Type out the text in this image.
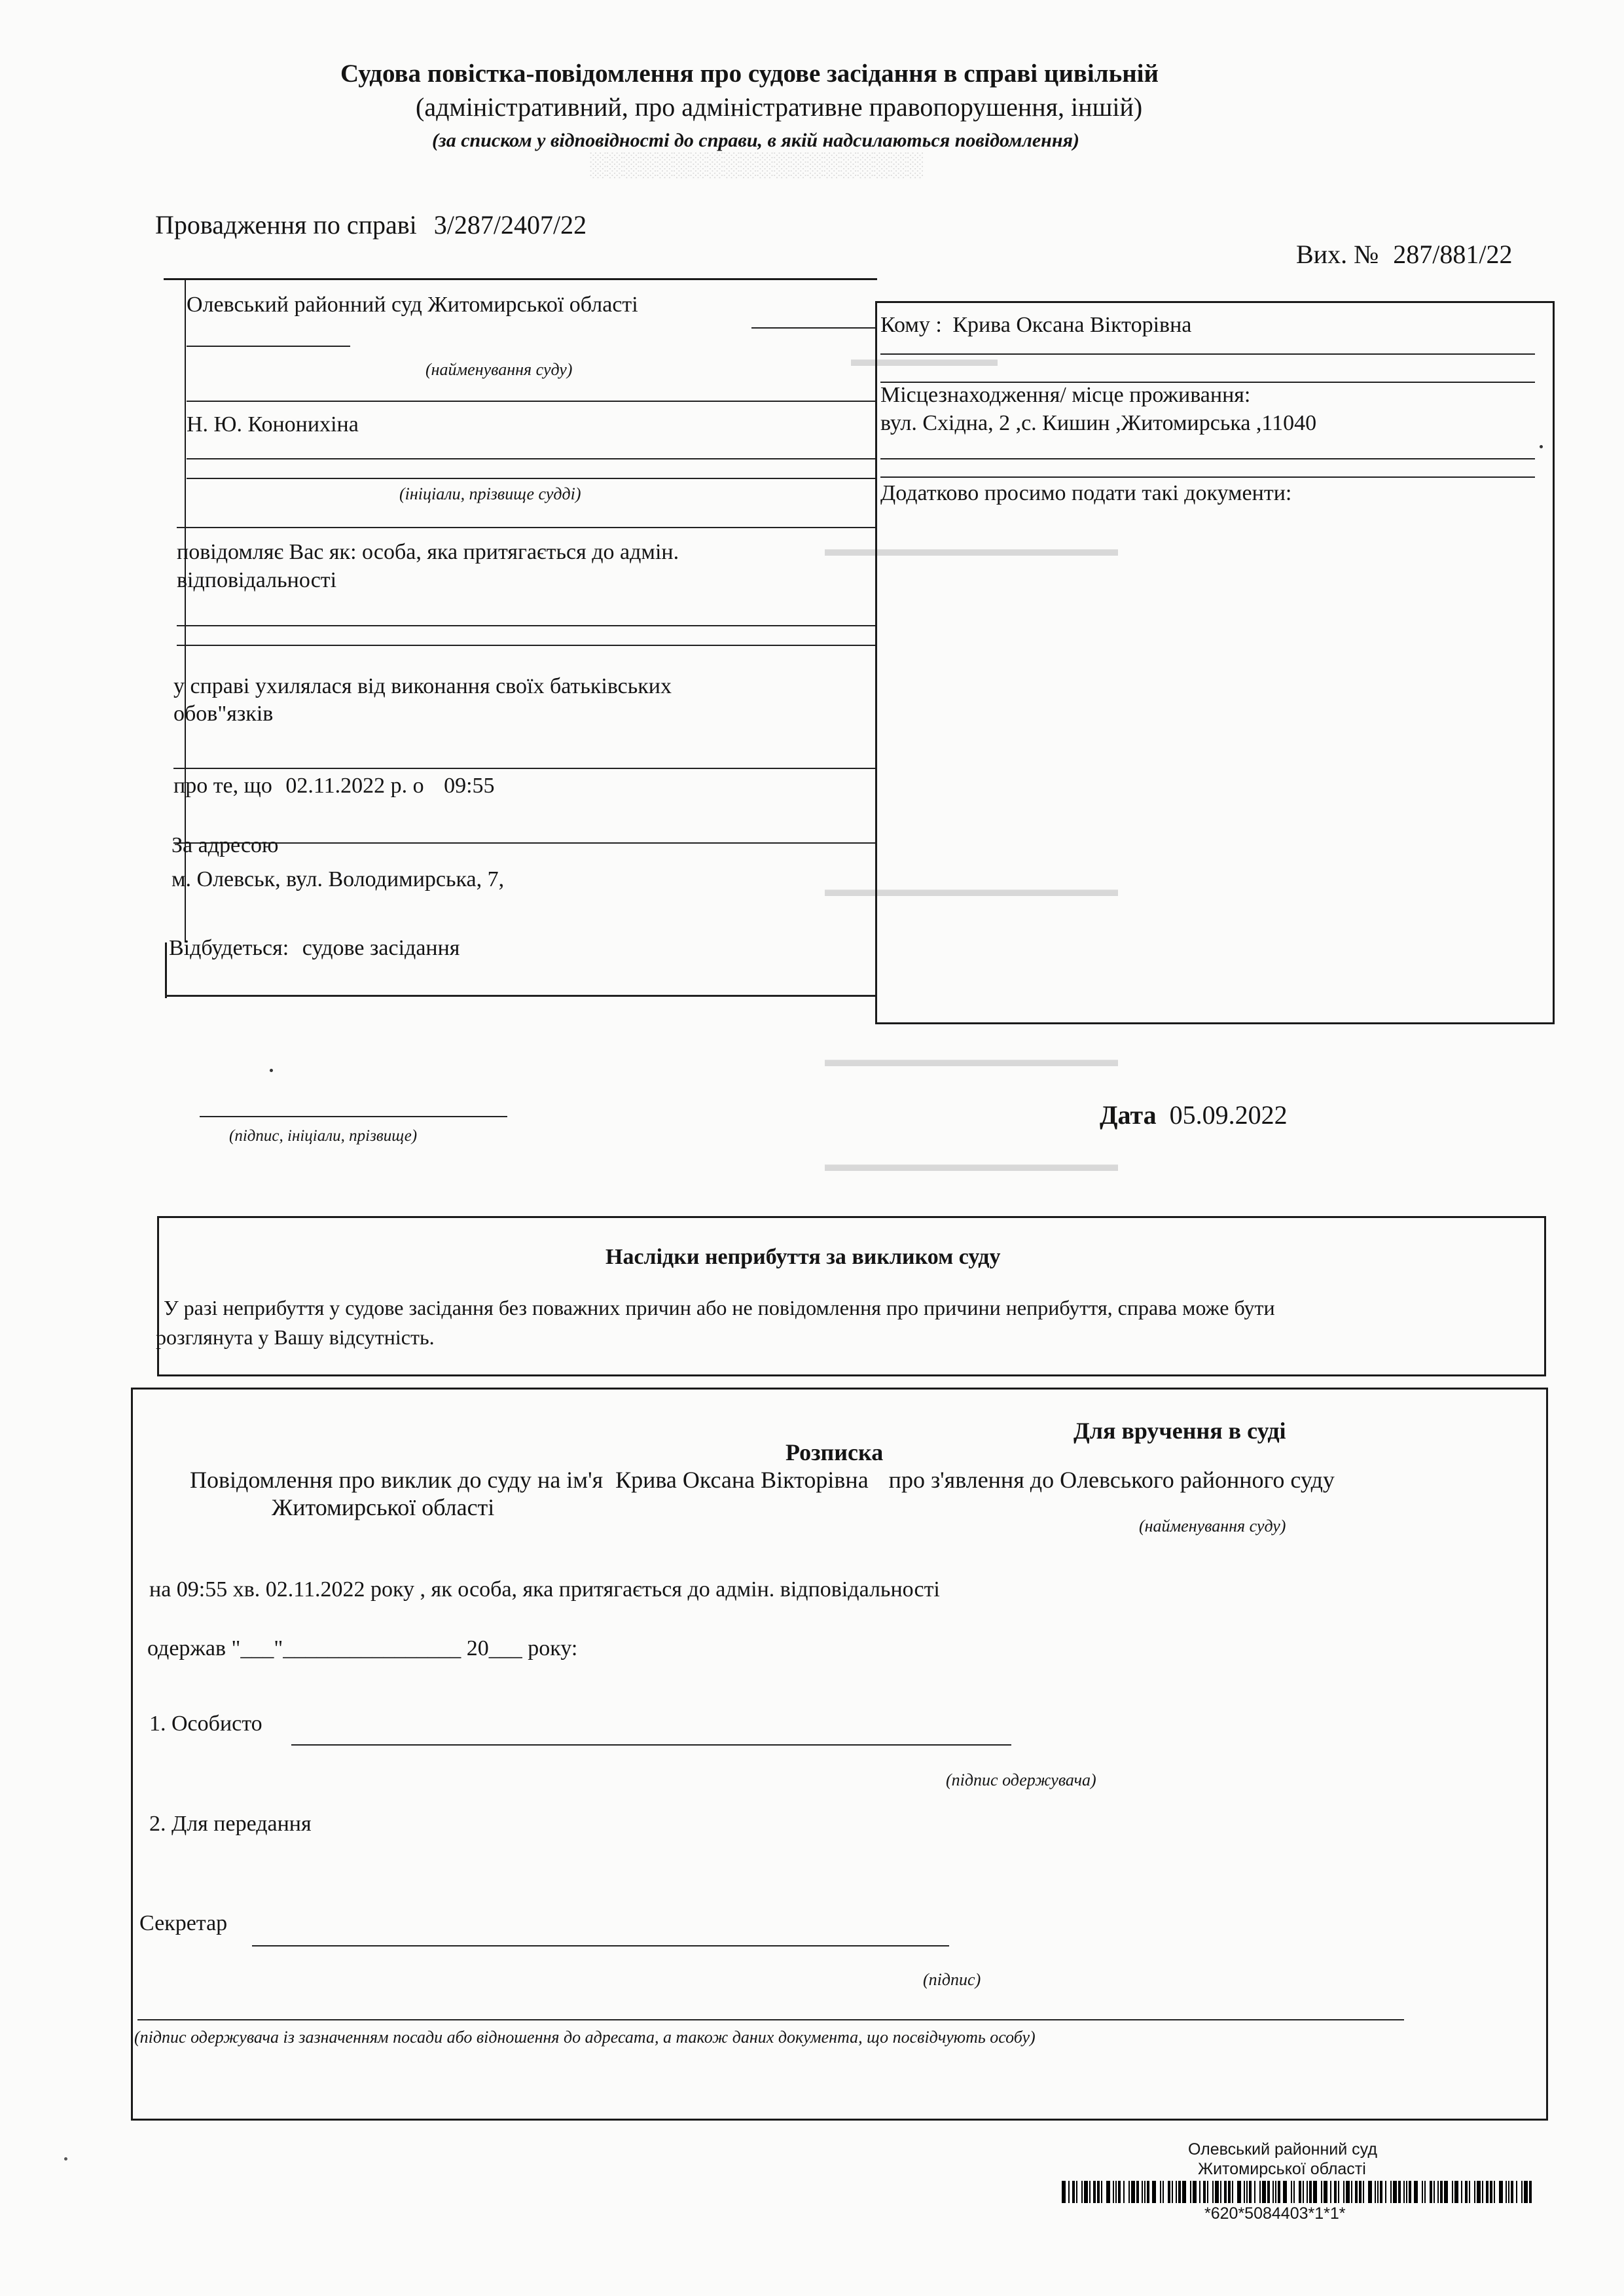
░░░░░░░░░░░░░░░░░░░░
▬▬▬▬▬▬▬
▬▬▬▬▬▬▬▬▬▬▬▬▬▬
▬▬▬▬▬▬▬▬▬▬▬▬▬▬
▬▬▬▬▬▬▬▬▬▬▬▬▬▬
▬▬▬▬▬▬▬▬▬▬▬▬▬▬
Судова повістка-повідомлення про судове засідання в справі цивільній
(адміністративний, про адміністративне правопорушення, іншій)
(за списком у відповідності до справи, в якій надсилаються повідомлення)
Провадження по справі 3/287/2407/22
Вих. № 287/881/22
Олевський районний суд Житомирської області
(найменування суду)
Н. Ю. Кононихіна
(ініціали, прізвище судді)
повідомляє Вас як: особа, яка притягається до адмін.
відповідальності
у справі ухилялася від виконання своїх батьківських
обов"язків
про те, що 02.11.2022 р. о 09:55
За адресою
м. Олевськ, вул. Володимирська, 7,
Відбудеться: судове засідання
Кому : Крива Оксана Вікторівна
Місцезнаходження/ місце проживання:
вул. Східна, 2 ,с. Кишин ,Житомирська ,11040
Додатково просимо подати такі документи:
(підпис, ініціали, прізвище)
Дата 05.09.2022
Наслідки неприбуття за викликом суду
У разі неприбуття у судове засідання без поважних причин або не повідомлення про причини неприбуття, справа може бути
розглянута у Вашу відсутність.
Для вручення в суді
Розписка
Повідомлення про виклик до суду на ім'я Крива Оксана Вікторівна про з'явлення до Олевського районного суду
Житомирської області
(найменування суду)
на 09:55 хв. 02.11.2022 року , як особа, яка притягається до адмін. відповідальності
одержав "___"________________ 20___ року:
1. Особисто
(підпис одержувача)
2. Для передання
Секретар
(підпис)
(підпис одержувача із зазначенням посади або відношення до адресата, а також даних документа, що посвідчують особу)
Олевський районний суд
Житомирської області
*620*5084403*1*1*
